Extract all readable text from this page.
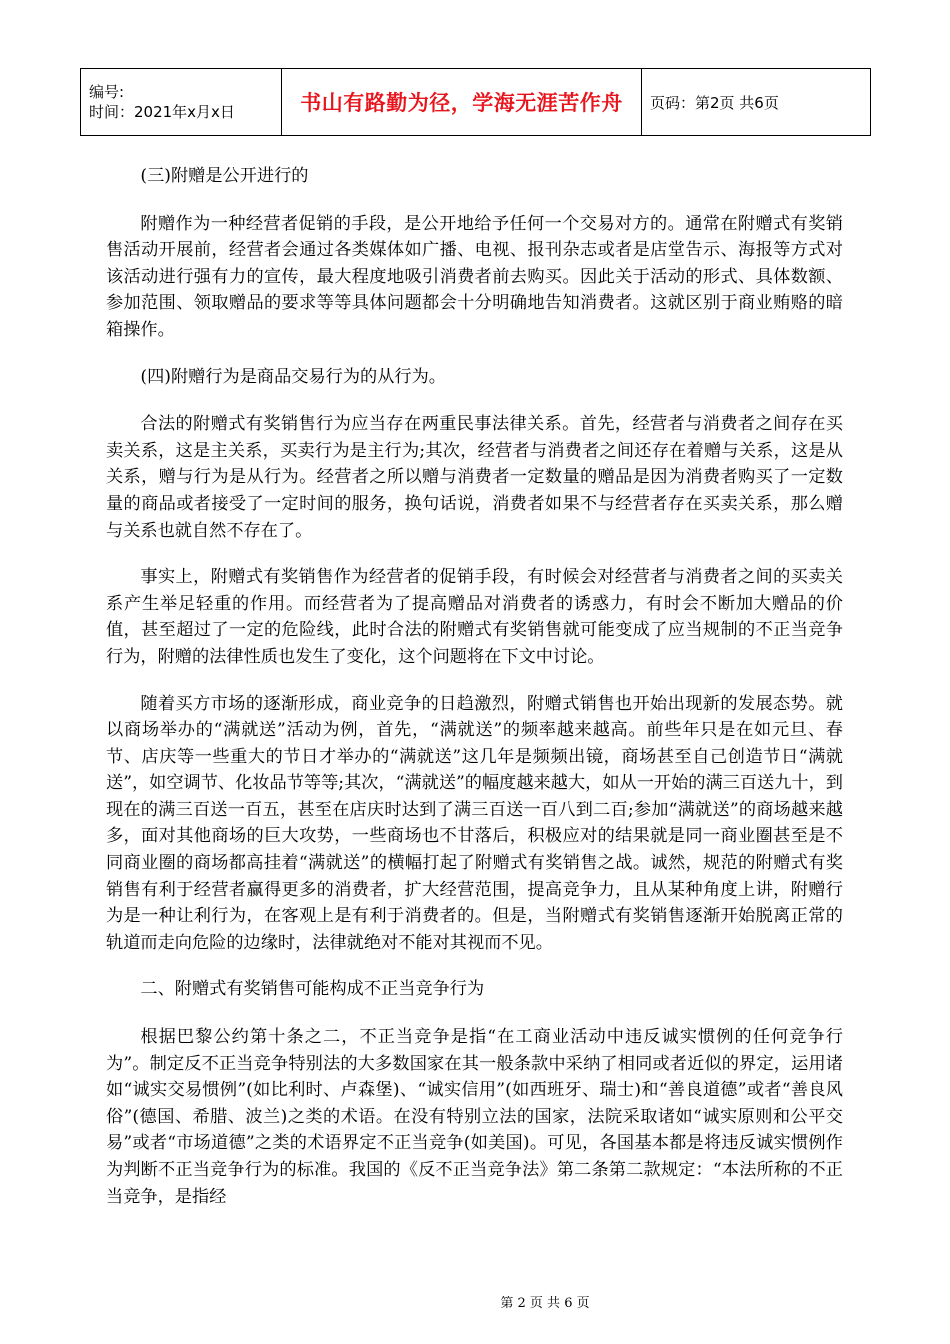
编号:
时间：2021年x月x日	书山有路勤为径，学海无涯苦作舟	页码：第2页 共6页

(三)附赠是公开进行的

附赠作为一种经营者促销的手段，是公开地给予任何一个交易对方的。通常在附赠式有奖销售活动开展前，经营者会通过各类媒体如广播、电视、报刊杂志或者是店堂告示、海报等方式对该活动进行强有力的宣传，最大程度地吸引消费者前去购买。因此关于活动的形式、具体数额、参加范围、领取赠品的要求等等具体问题都会十分明确地告知消费者。这就区别于商业贿赂的暗箱操作。

(四)附赠行为是商品交易行为的从行为。

合法的附赠式有奖销售行为应当存在两重民事法律关系。首先，经营者与消费者之间存在买卖关系，这是主关系，买卖行为是主行为;其次，经营者与消费者之间还存在着赠与关系，这是从关系，赠与行为是从行为。经营者之所以赠与消费者一定数量的赠品是因为消费者购买了一定数量的商品或者接受了一定时间的服务，换句话说，消费者如果不与经营者存在买卖关系，那么赠与关系也就自然不存在了。

事实上，附赠式有奖销售作为经营者的促销手段，有时候会对经营者与消费者之间的买卖关系产生举足轻重的作用。而经营者为了提高赠品对消费者的诱惑力，有时会不断加大赠品的价值，甚至超过了一定的危险线，此时合法的附赠式有奖销售就可能变成了应当规制的不正当竞争行为，附赠的法律性质也发生了变化，这个问题将在下文中讨论。

随着买方市场的逐渐形成，商业竞争的日趋激烈，附赠式销售也开始出现新的发展态势。就以商场举办的“满就送”活动为例，首先，“满就送”的频率越来越高。前些年只是在如元旦、春节、店庆等一些重大的节日才举办的“满就送”这几年是频频出镜，商场甚至自己创造节日“满就送”，如空调节、化妆品节等等;其次，“满就送”的幅度越来越大，如从一开始的满三百送九十，到现在的满三百送一百五，甚至在店庆时达到了满三百送一百八到二百;参加“满就送”的商场越来越多，面对其他商场的巨大攻势，一些商场也不甘落后，积极应对的结果就是同一商业圈甚至是不同商业圈的商场都高挂着“满就送”的横幅打起了附赠式有奖销售之战。诚然，规范的附赠式有奖销售有利于经营者赢得更多的消费者，扩大经营范围，提高竞争力，且从某种角度上讲，附赠行为是一种让利行为，在客观上是有利于消费者的。但是，当附赠式有奖销售逐渐开始脱离正常的轨道而走向危险的边缘时，法律就绝对不能对其视而不见。

二、附赠式有奖销售可能构成不正当竞争行为

根据巴黎公约第十条之二，不正当竞争是指“在工商业活动中违反诚实惯例的任何竞争行为”。制定反不正当竞争特别法的大多数国家在其一般条款中采纳了相同或者近似的界定，运用诸如“诚实交易惯例”(如比利时、卢森堡)、“诚实信用”(如西班牙、瑞士)和“善良道德”或者“善良风俗”(德国、希腊、波兰)之类的术语。在没有特别立法的国家，法院采取诸如“诚实原则和公平交易”或者“市场道德”之类的术语界定不正当竞争(如美国)。可见，各国基本都是将违反诚实惯例作为判断不正当竞争行为的标准。我国的《反不正当竞争法》第二条第二款规定：“本法所称的不正当竞争，是指经

第 2 页 共 6 页
